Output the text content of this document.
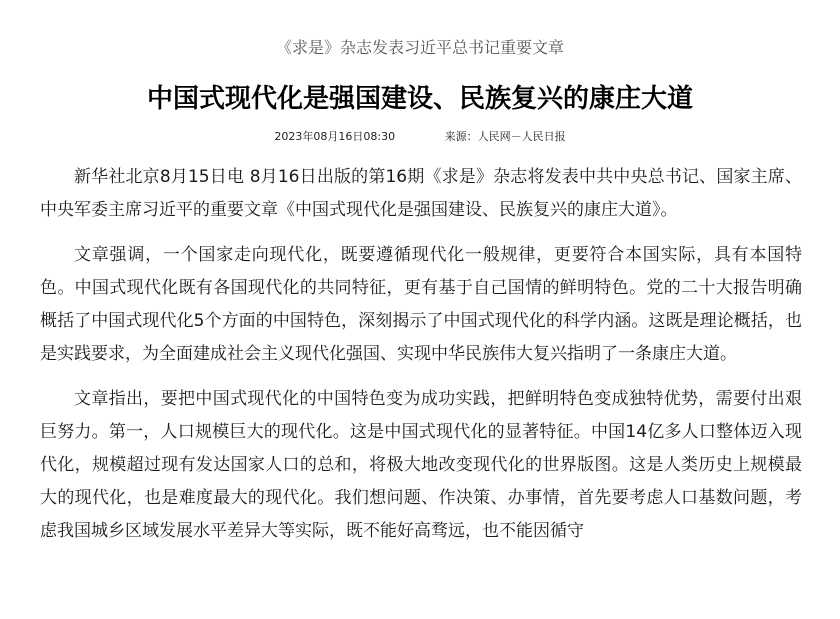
《求是》杂志发表习近平总书记重要文章
中国式现代化是强国建设、民族复兴的康庄大道
2023年08月16日08:30	来源：人民网－人民日报

新华社北京8月15日电 8月16日出版的第16期《求是》杂志将发表中共中央总书记、国家主席、中央军委主席习近平的重要文章《中国式现代化是强国建设、民族复兴的康庄大道》。

文章强调，一个国家走向现代化，既要遵循现代化一般规律，更要符合本国实际，具有本国特色。中国式现代化既有各国现代化的共同特征，更有基于自己国情的鲜明特色。党的二十大报告明确概括了中国式现代化5个方面的中国特色，深刻揭示了中国式现代化的科学内涵。这既是理论概括，也是实践要求，为全面建成社会主义现代化强国、实现中华民族伟大复兴指明了一条康庄大道。

文章指出，要把中国式现代化的中国特色变为成功实践，把鲜明特色变成独特优势，需要付出艰巨努力。第一，人口规模巨大的现代化。这是中国式现代化的显著特征。中国14亿多人口整体迈入现代化，规模超过现有发达国家人口的总和，将极大地改变现代化的世界版图。这是人类历史上规模最大的现代化，也是难度最大的现代化。我们想问题、作决策、办事情，首先要考虑人口基数问题，考虑我国城乡区域发展水平差异大等实际，既不能好高骛远，也不能因循守
